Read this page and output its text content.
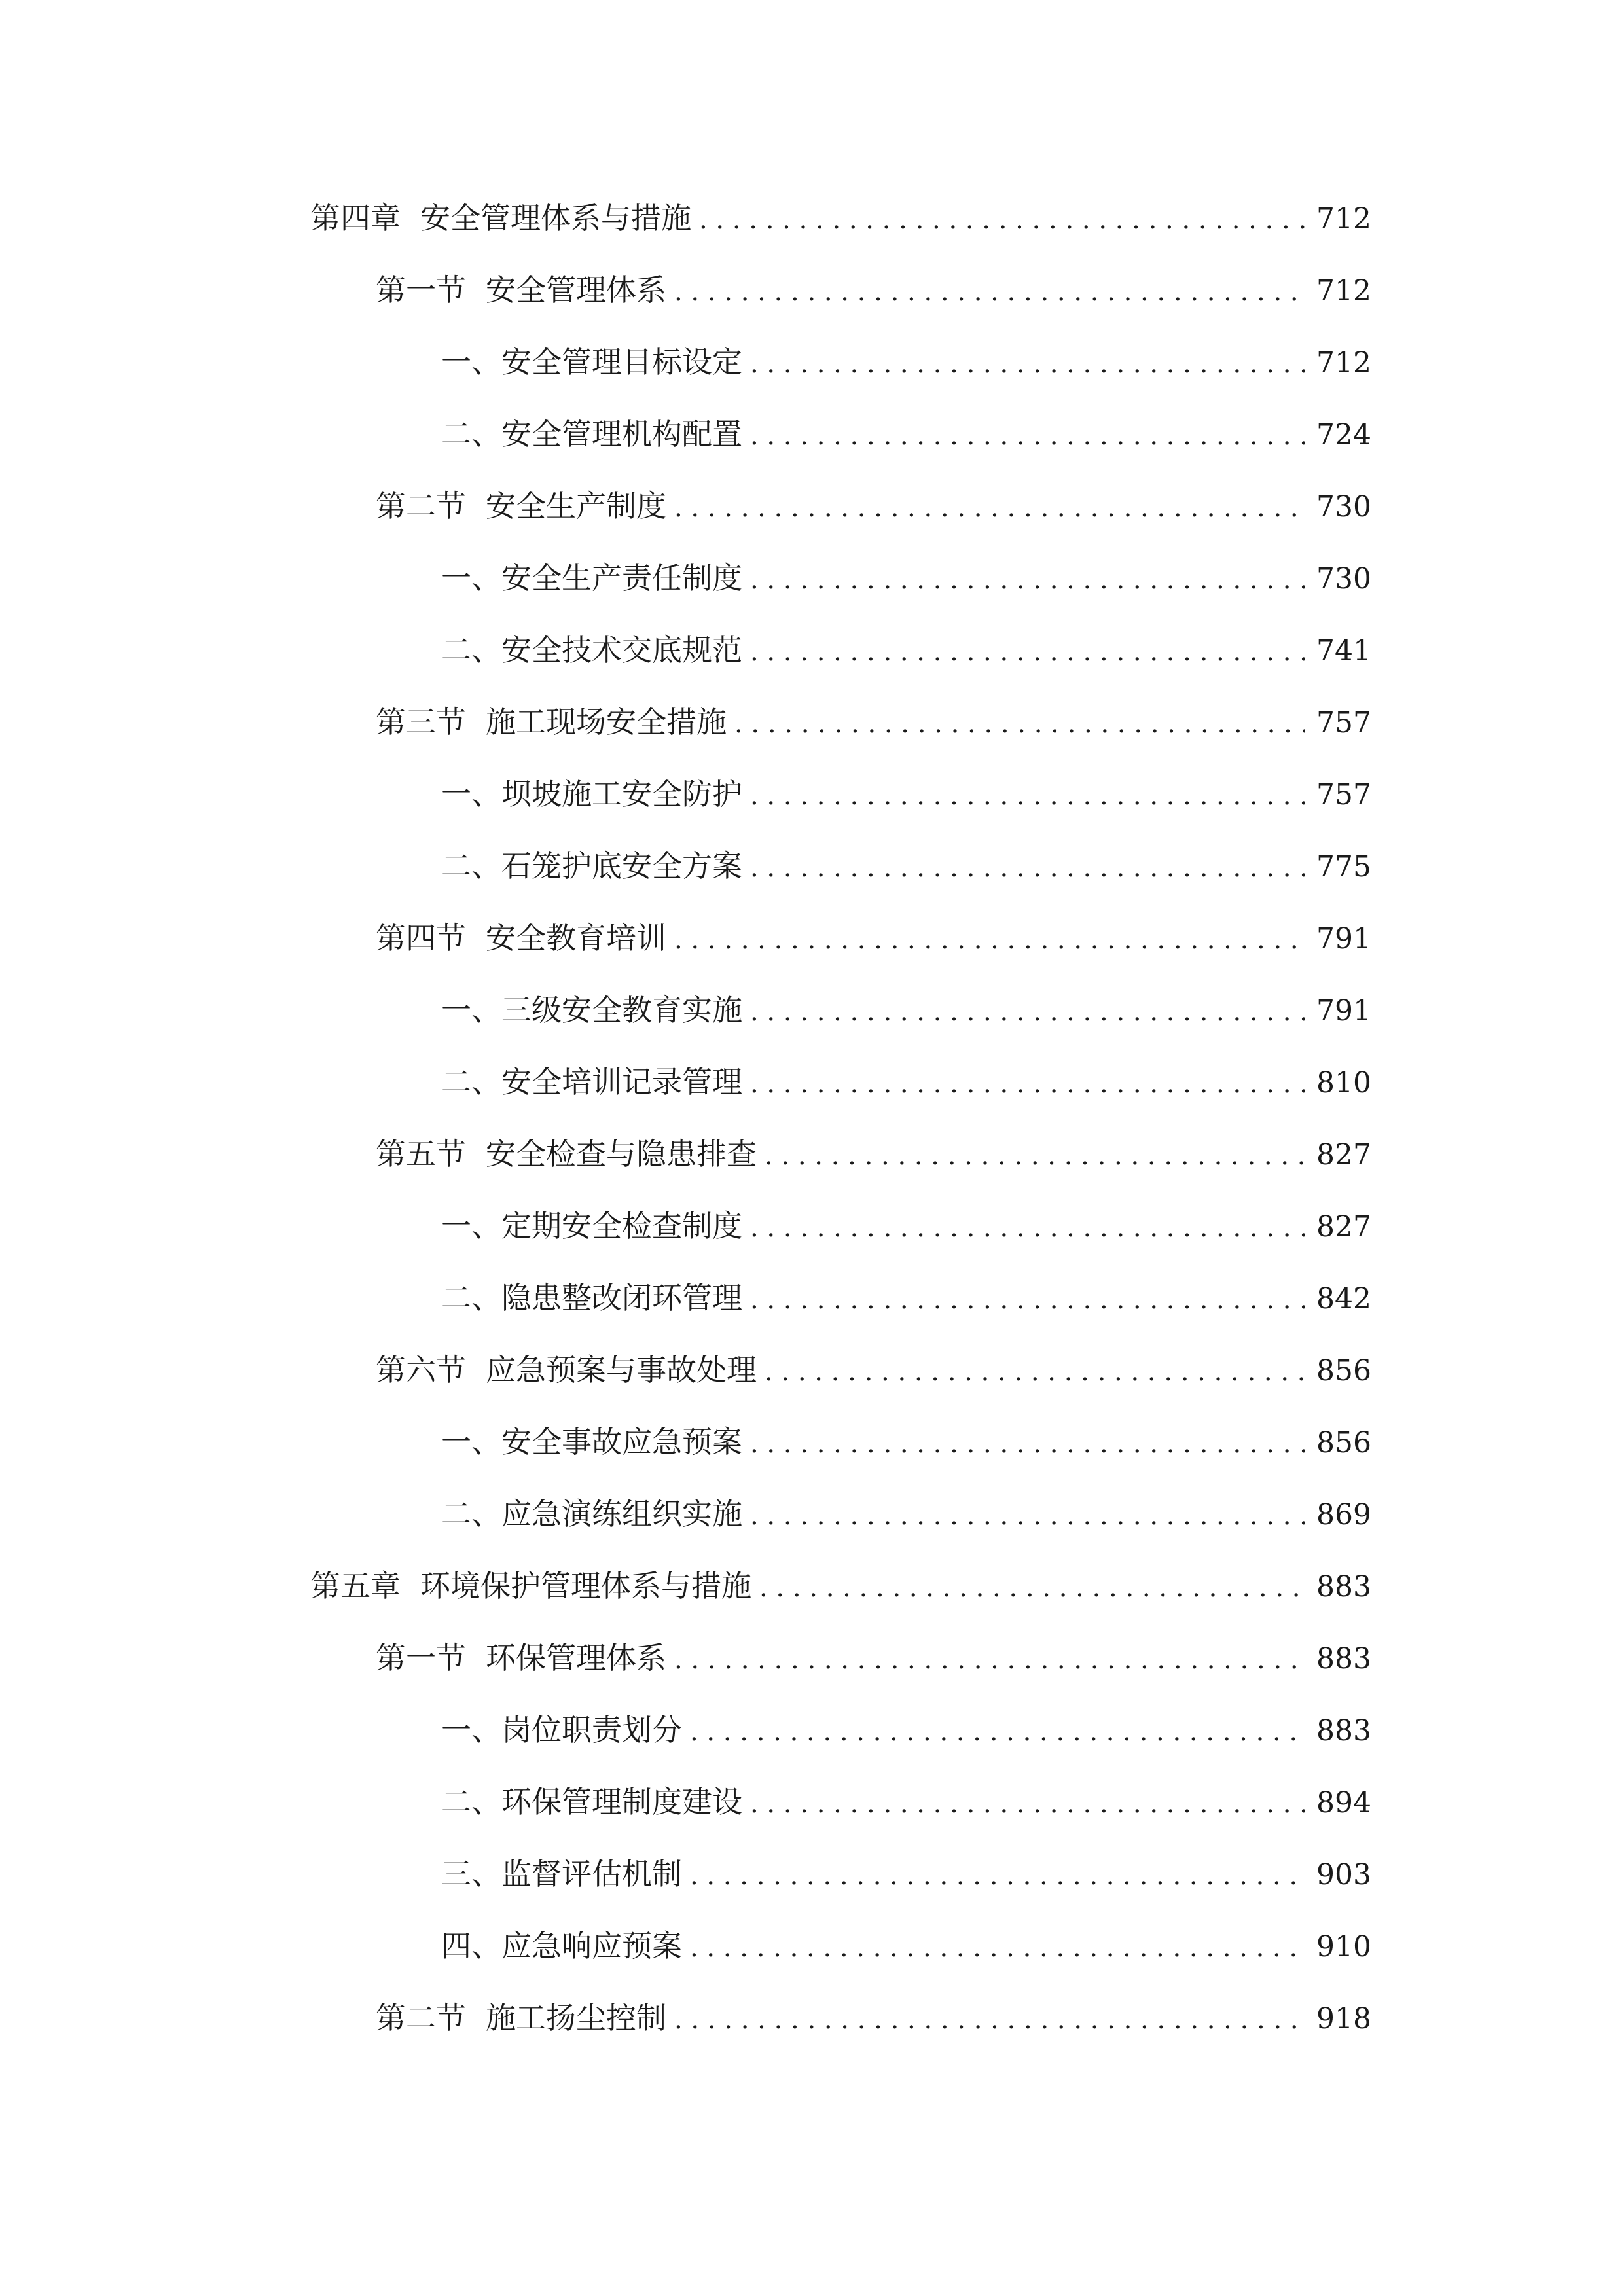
第四章 安全管理体系与措施 . . .	712
第一节 安全管理体系 . . .	712
一、 安全管理目标设定 . . .	712
二、 安全管理机构配置 . . .	724
第二节 安全生产制度 . . .	730
一、 安全生产责任制度 . . .	730
二、 安全技术交底规范 . . .	741
第三节 施工现场安全措施 . . .	757
一、 坝坡施工安全防护 . . .	757
二、 石笼护底安全方案 . . .	775
第四节 安全教育培训 . . .	791
一、 三级安全教育实施 . . .	791
二、 安全培训记录管理 . . .	810
第五节 安全检查与隐患排查 . . .	827
一、 定期安全检查制度 . . .	827
二、 隐患整改闭环管理 . . .	842
第六节 应急预案与事故处理 . . .	856
一、 安全事故应急预案 . . .	856
二、 应急演练组织实施 . . .	869
第五章 环境保护管理体系与措施 . . .	883
第一节 环保管理体系 . . .	883
一、 岗位职责划分 . . .	883
二、 环保管理制度建设 . . .	894
三、 监督评估机制 . . .	903
四、 应急响应预案 . . .	910
第二节 施工扬尘控制 . . .	918
